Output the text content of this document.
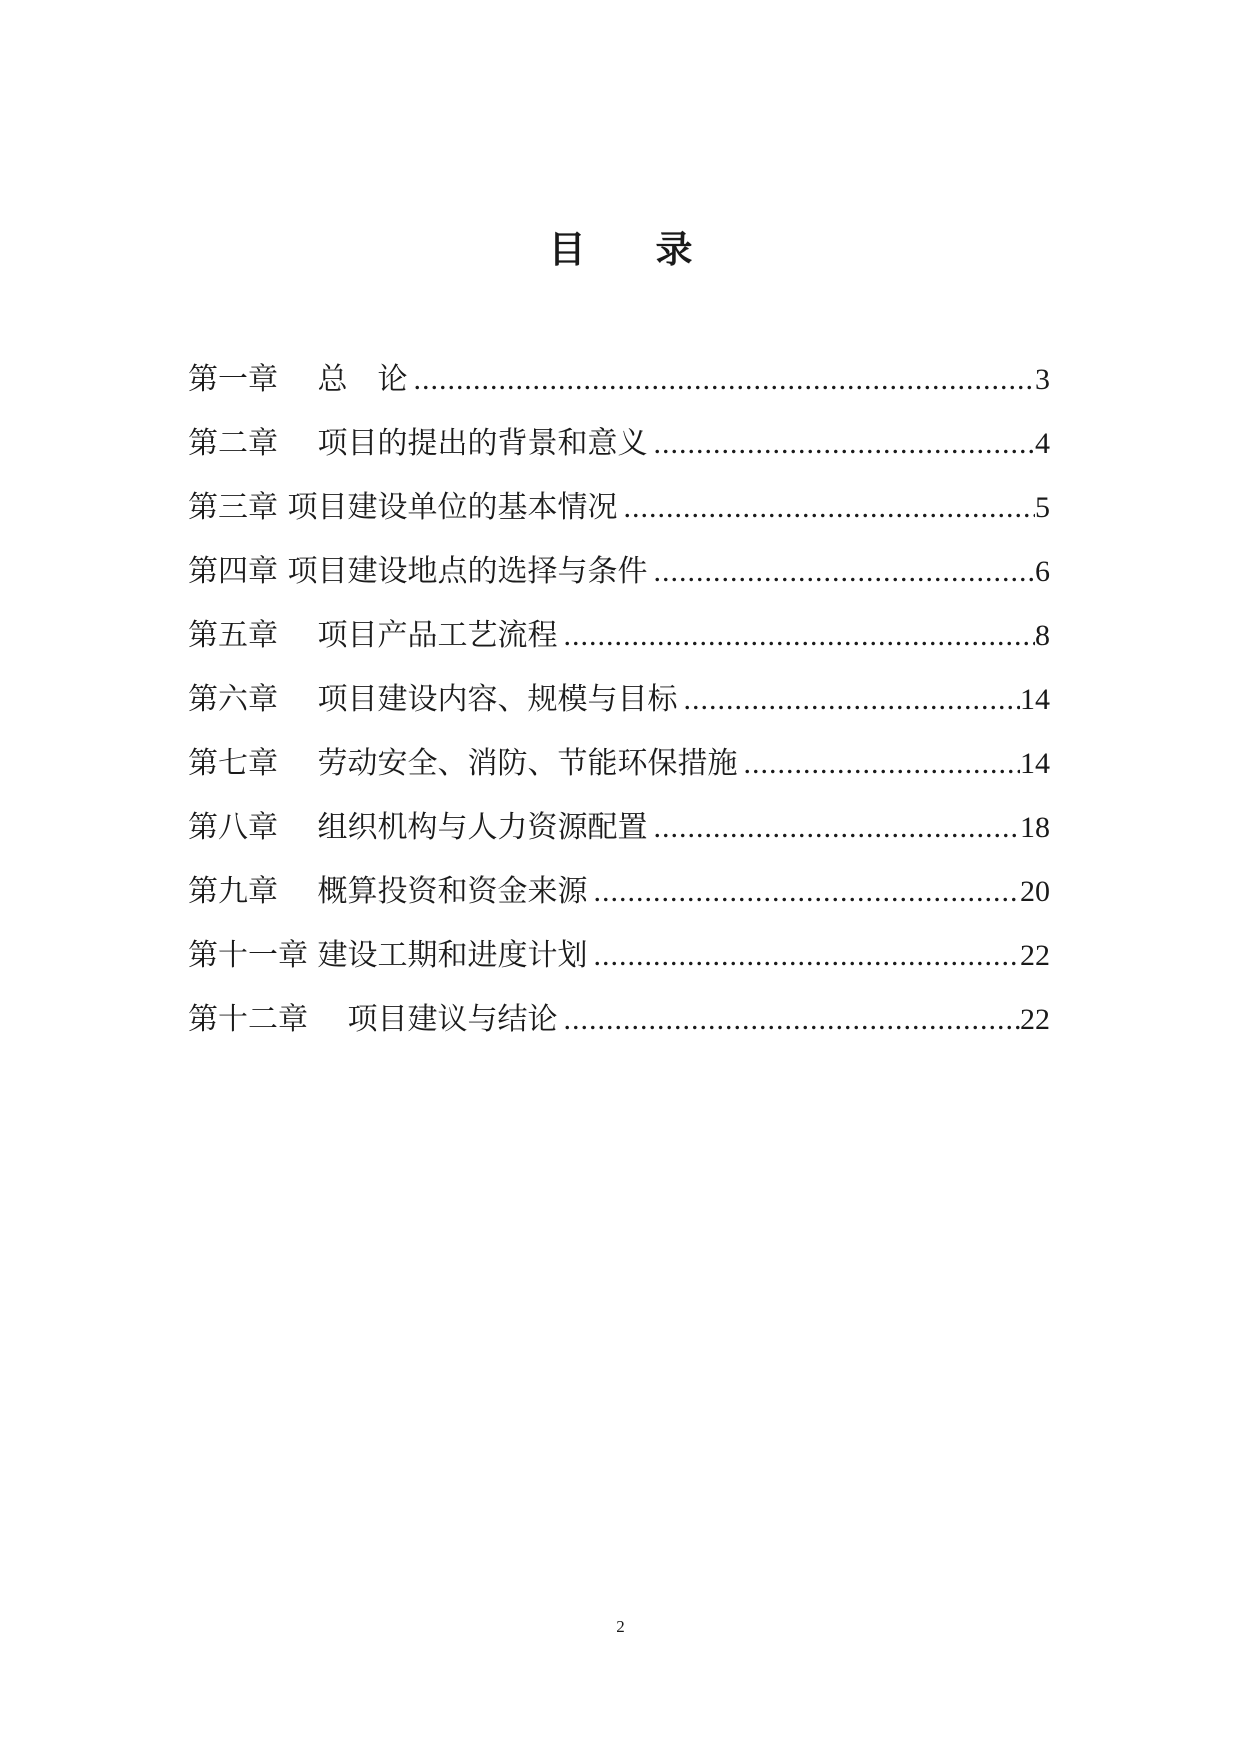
目 录
第一章　 总　论 .....	3
第二章　 项目的提出的背景和意义 .....	4
第三章 项目建设单位的基本情况 .....	5
第四章 项目建设地点的选择与条件 .....	6
第五章　 项目产品工艺流程 .....	8
第六章　 项目建设内容、规模与目标 .....	14
第七章　 劳动安全、消防、节能环保措施 .....	14
第八章　 组织机构与人力资源配置 .....	18
第九章　 概算投资和资金来源 .....	20
第十一章 建设工期和进度计划 .....	22
第十二章　 项目建议与结论 .....	22
2
